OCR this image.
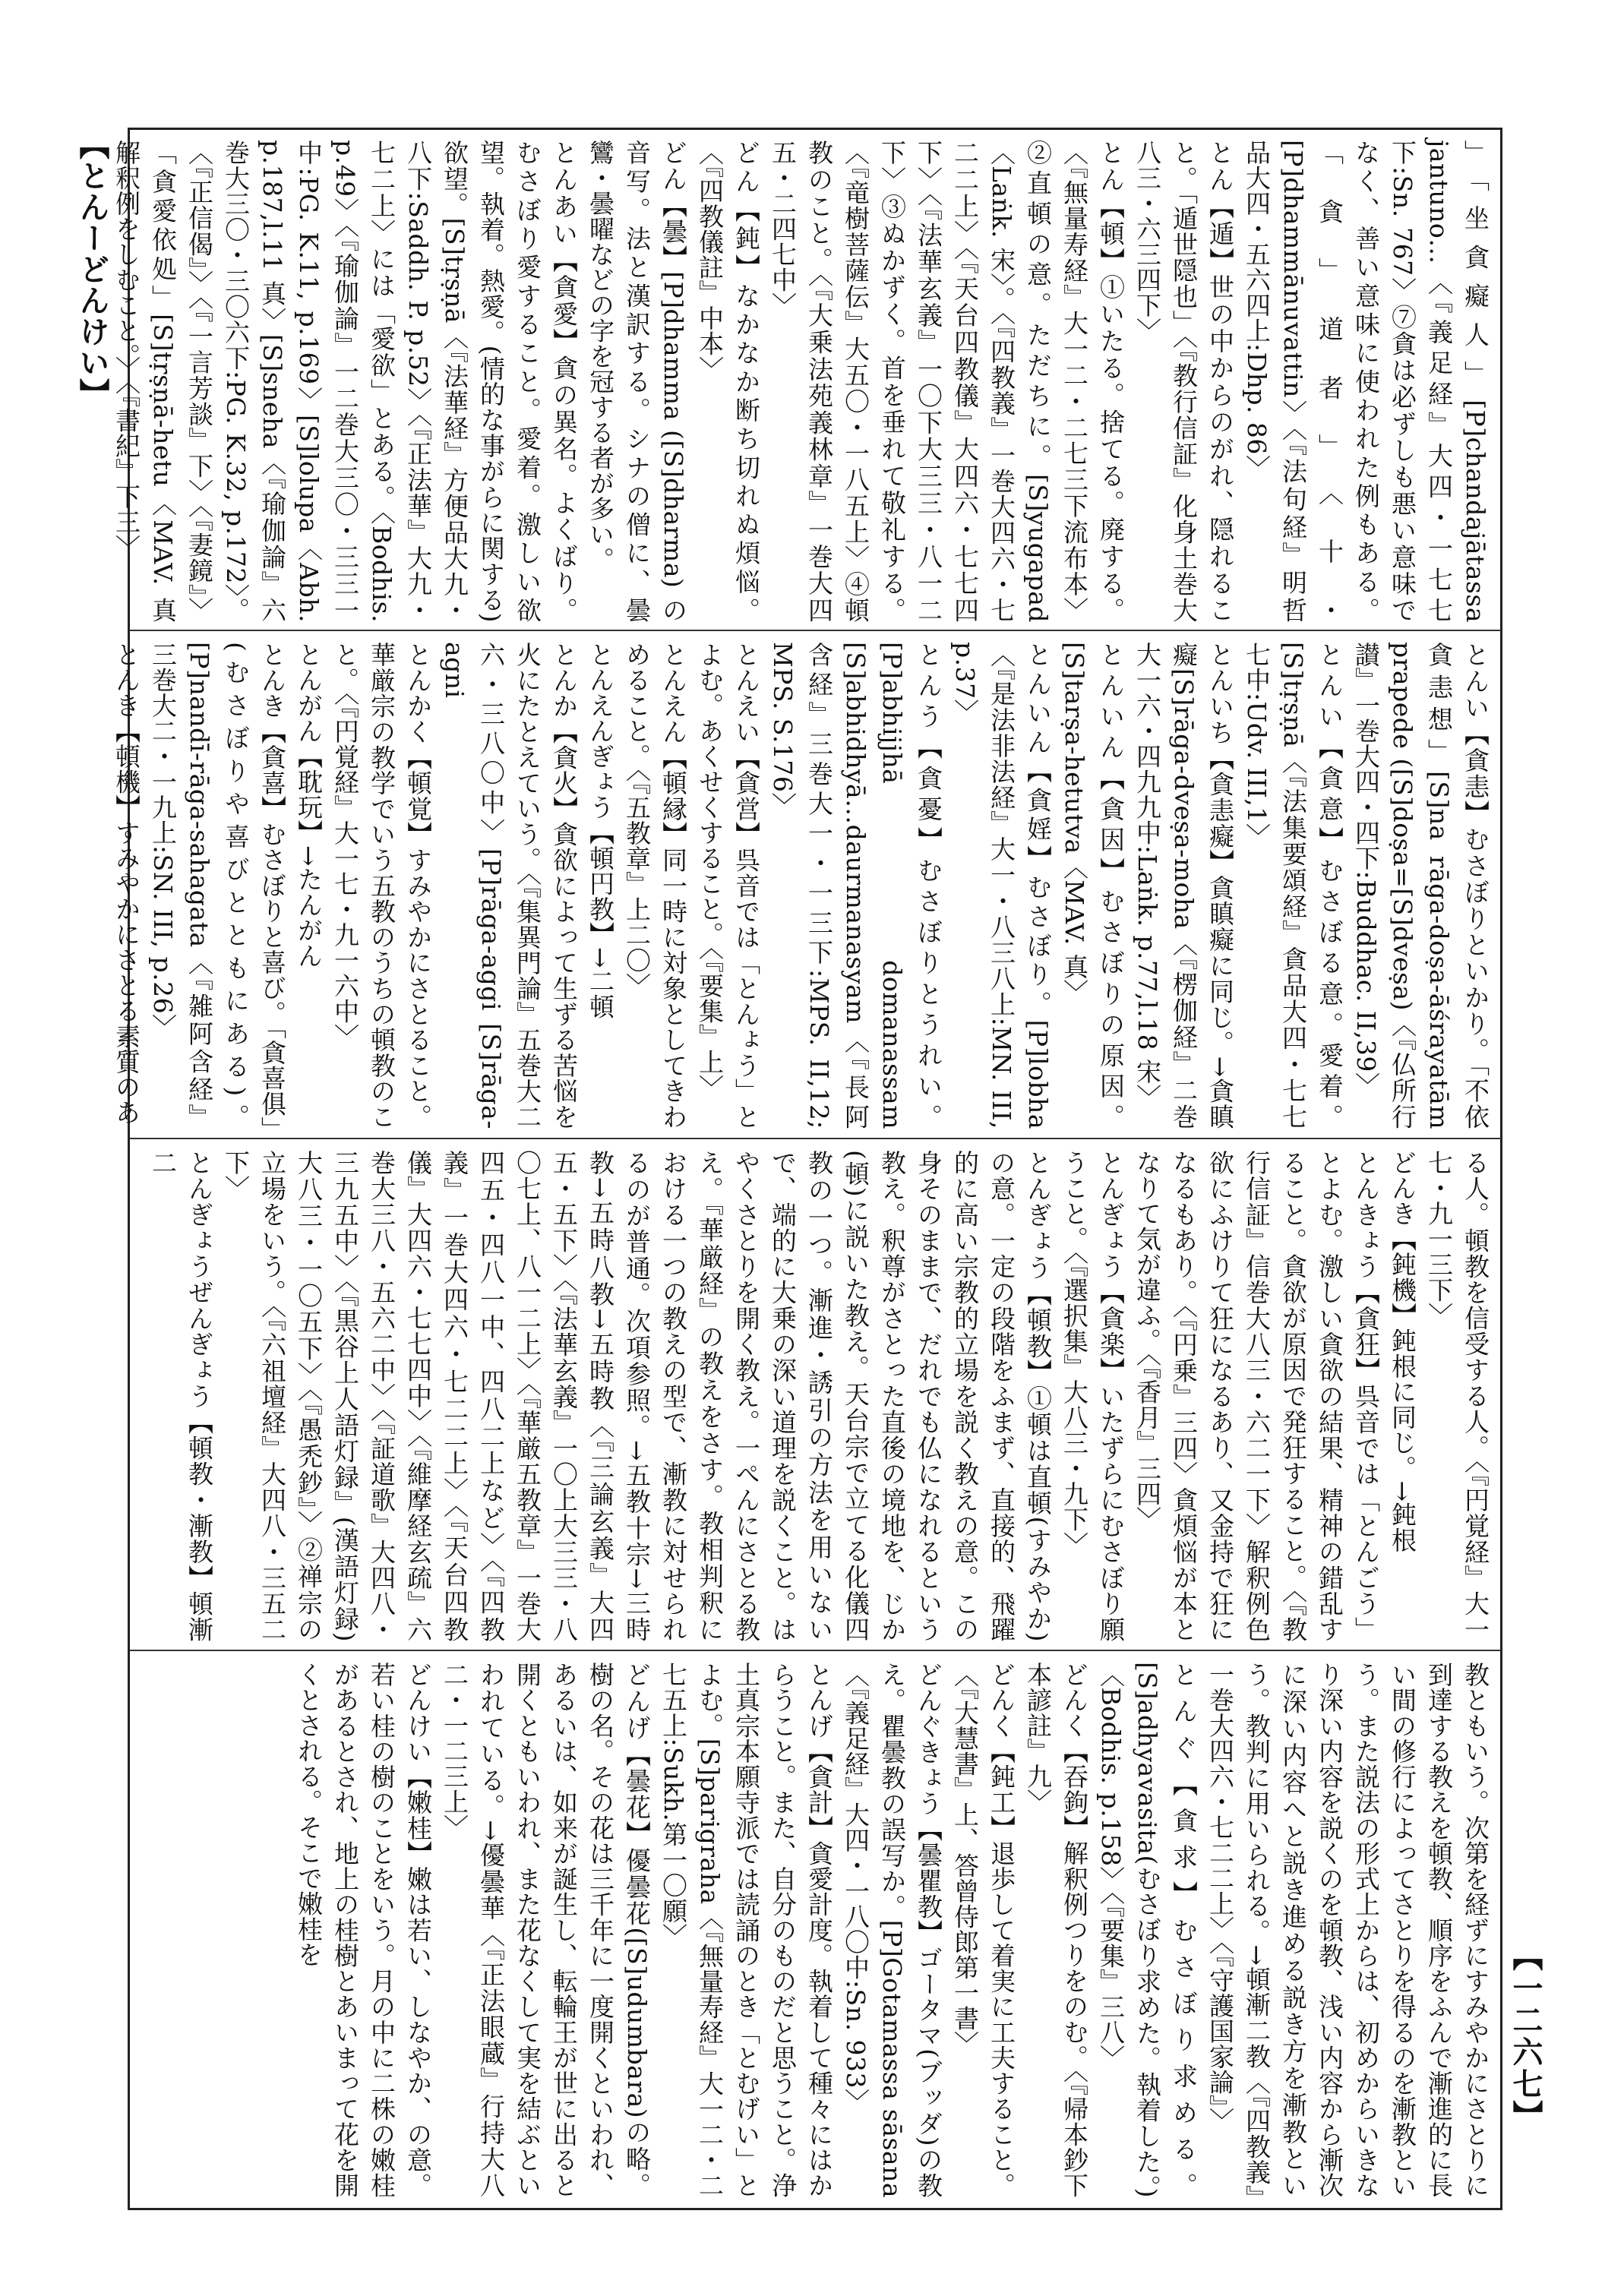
【とんーどんけい】
【一二六七】

」「坐貪癡人」[P]chandajātassa jantuno…〈『義足経』大四・一七七下:Sn. 767〉⑦貪は必ずしも悪い意味でなく、善い意味に使われた例もある。「貪」道者」〈十・[P]dhammānuvattin〉〈『法句経』明哲品大四・五六四上:Dhp. 86〉

とん【遁】世の中からのがれ、隠れること。「遁世隠也」〈『教行信証』化身土巻大八三・六三四下〉

とん【頓】①いたる。捨てる。廃する。〈『無量寿経』大一二・二七三下流布本〉②直頓の意。ただちに。[S]yugapad〈Laṅk. 宋〉。〈『四教義』一巻大四六・七二二上〉〈『天台四教儀』大四六・七七四下〉〈『法華玄義』一〇下大三三・八一二下〉③ぬかずく。首を垂れて敬礼する。〈『竜樹菩薩伝』大五〇・一八五上〉④頓教のこと。〈『大乗法苑義林章』一巻大四五・二四七中〉

どん【鈍】なかなか断ち切れぬ煩悩。〈『四教儀註』中本〉

どん【曇】[P]dhamma ([S]dharma) の音写。法と漢訳する。シナの僧に、曇鸞・曇曜などの字を冠する者が多い。

とんあい【貪愛】貪の異名。よくばり。むさぼり愛すること。愛着。激しい欲望。執着。熱愛。(情的な事がらに関する)欲望。[S]tṛṣṇā〈『法華経』方便品大九・八下:Saddh. P. p.52〉〈『正法華』大九・七二上〉には「愛欲」とある。〈Bodhis. p.49〉〈『瑜伽論』一二巻大三〇・三三一中:PG. K.11, p.169〉[S]lolupa〈Abh. p.187,l.11 真〉[S]sneha〈『瑜伽論』六巻大三〇・三〇六下:PG. K.32, p.172〉。〈『正信偈』〉〈『一言芳談』下〉〈『妻鏡』〉「貪愛依処」[S]tṛṣṇā-hetu〈MAV. 真 解釈例をしむこと。〉〈『書紀』下三〉

とんい【貪恚】むさぼりといかり。「不依貪恚想」[S]na rāga-doṣa-āśrayatām prapede ([S]doṣa=[S]dveṣa)〈『仏所行讃』一巻大四・四下:Buddhac. II,39〉

とんい【貪意】むさぼる意。愛着。[S]tṛṣṇā〈『法集要頌経』貪品大四・七七七中:Udv. III,1〉

とんいち【貪恚癡】貪瞋癡に同じ。→貪瞋癡[S]rāga-dveṣa-moha〈『楞伽経』二巻大一六・四九九中:Laṅk. p.77,l.18 宋〉

とんいん【貪因】むさぼりの原因。[S]tarṣa-hetutva〈MAV. 真〉

とんいん【貪婬】むさぼり。[P]lobha〈『是法非法経』大一・八三八上:MN. III, p.37〉

とんう【貪憂】むさぼりとうれい。[P]abhijjhā domanassam [S]abhidhyā…daurmanasyam〈『長阿含経』三巻大一・一三下:MPS. II,12; MPS. S.176〉

とんえい【貪営】呉音では「とんょう」とよむ。あくせくすること。〈『要集』上〉

とんえん【頓縁】同一時に対象としてきわめること。〈『五教章』上二〇〉

とんえんぎょう【頓円教】→二頓

とんか【貪火】貪欲によって生ずる苦悩を火にたとえていう。〈『集異門論』五巻大二六・三八〇中〉[P]rāga-aggi [S]rāga-agni

とんかく【頓覚】すみやかにさとること。華厳宗の教学でいう五教のうちの頓教のこと。〈『円覚経』大一七・九一六中〉

とんがん【耽玩】→たんがん

とんき【貪喜】むさぼりと喜び。「貪喜俱」(むさぼりや喜びとともにある)。[P]nandī-rāga-sahagata〈『雑阿含経』三巻大二・一九上:SN. III, p.26〉

とんき【頓機】すみやかにさとる素質のあ

る人。頓教を信受する人。〈『円覚経』大一七・九一三下〉

どんき【鈍機】鈍根に同じ。→鈍根

とんきょう【貪狂】呉音では「とんごう」とよむ。激しい貪欲の結果、精神の錯乱すること。貪欲が原因で発狂すること。〈『教行信証』信巻大八三・六二一下〉解釈例色欲にふけりて狂になるあり、又金持で狂になるもあり。〈『円乗』三四〉貪煩悩が本となりて気が違ふ。〈『香月』三四〉

とんぎょう【貪楽】いたずらにむさぼり願うこと。〈『選択集』大八三・九下〉

とんぎょう【頓教】①頓は直頓(すみやか)の意。一定の段階をふまず、直接的、飛躍的に高い宗教的立場を説く教えの意。この身そのままで、だれでも仏になれるという教え。釈尊がさとった直後の境地を、じか(頓)に説いた教え。天台宗で立てる化儀四教の一つ。漸進・誘引の方法を用いないで、端的に大乗の深い道理を説くこと。はやくさとりを開く教え。一ぺんにさとる教え。『華厳経』の教えをさす。教相判釈における一つの教えの型で、漸教に対せられるのが普通。次項参照。→五教十宗→三時教→五時八教→五時教〈『三論玄義』大四五・五下〉〈『法華玄義』一〇上大三三・八〇七上、八一二上〉〈『華厳五教章』一巻大四五・四八一中、四八二上など〉〈『四教義』一巻大四六・七二二上〉〈『天台四教儀』大四六・七七四中〉〈『維摩経玄疏』六巻大三八・五六二中〉〈『証道歌』大四八・三九五中〉〈『黒谷上人語灯録』(漢語灯録)大八三・一〇五下〉〈『愚禿鈔』〉②禅宗の立場をいう。〈『六祖壇経』大四八・三五二下〉

とんぎょうぜんぎょう【頓教・漸教】頓漸二

教ともいう。次第を経ずにすみやかにさとりに到達する教えを頓教、順序をふんで漸進的に長い間の修行によってさとりを得るのを漸教という。また説法の形式上からは、初めからいきなり深い内容を説くのを頓教、浅い内容から漸次に深い内容へと説き進める説き方を漸教という。教判に用いられる。→頓漸二教〈『四教義』一巻大四六・七二二上〉〈『守護国家論』〉

とんぐ【貪求】むさぼり求める。[S]adhyavasita(むさぼり求めた。執着した。)〈Bodhis. p.158〉〈『要集』三八〉

どんく【吞鉤】解釈例つりをのむ。〈『帰本鈔下本諺註』九〉

どんく【鈍工】退歩して着実に工夫すること。〈『大慧書』上、答曾侍郎第一書〉

どんぐきょう【曇瞿教】ゴータマ(ブッダ)の教え。瞿曇教の誤写か。[P]Gotamassa sāsana〈『義足経』大四・一八〇中:Sn. 933〉

とんげ【貪計】貪愛計度。執着して種々にはからうこと。また、自分のものだと思うこと。浄土真宗本願寺派では読誦のとき「とむげい」とよむ。[S]parigraha〈『無量寿経』大一二・二七五上:Sukh.第一〇願〉

どんげ【曇花】優曇花([S]udumbara)の略。樹の名。その花は三千年に一度開くといわれ、あるいは、如来が誕生し、転輪王が世に出ると開くともいわれ、また花なくして実を結ぶといわれている。→優曇華〈『正法眼蔵』行持大八二・一二三上〉

どんけい【嫩桂】嫩は若い、しなやか、の意。若い桂の樹のことをいう。月の中に二株の嫩桂があるとされ、地上の桂樹とあいまって花を開くとされる。そこで嫩桂を
